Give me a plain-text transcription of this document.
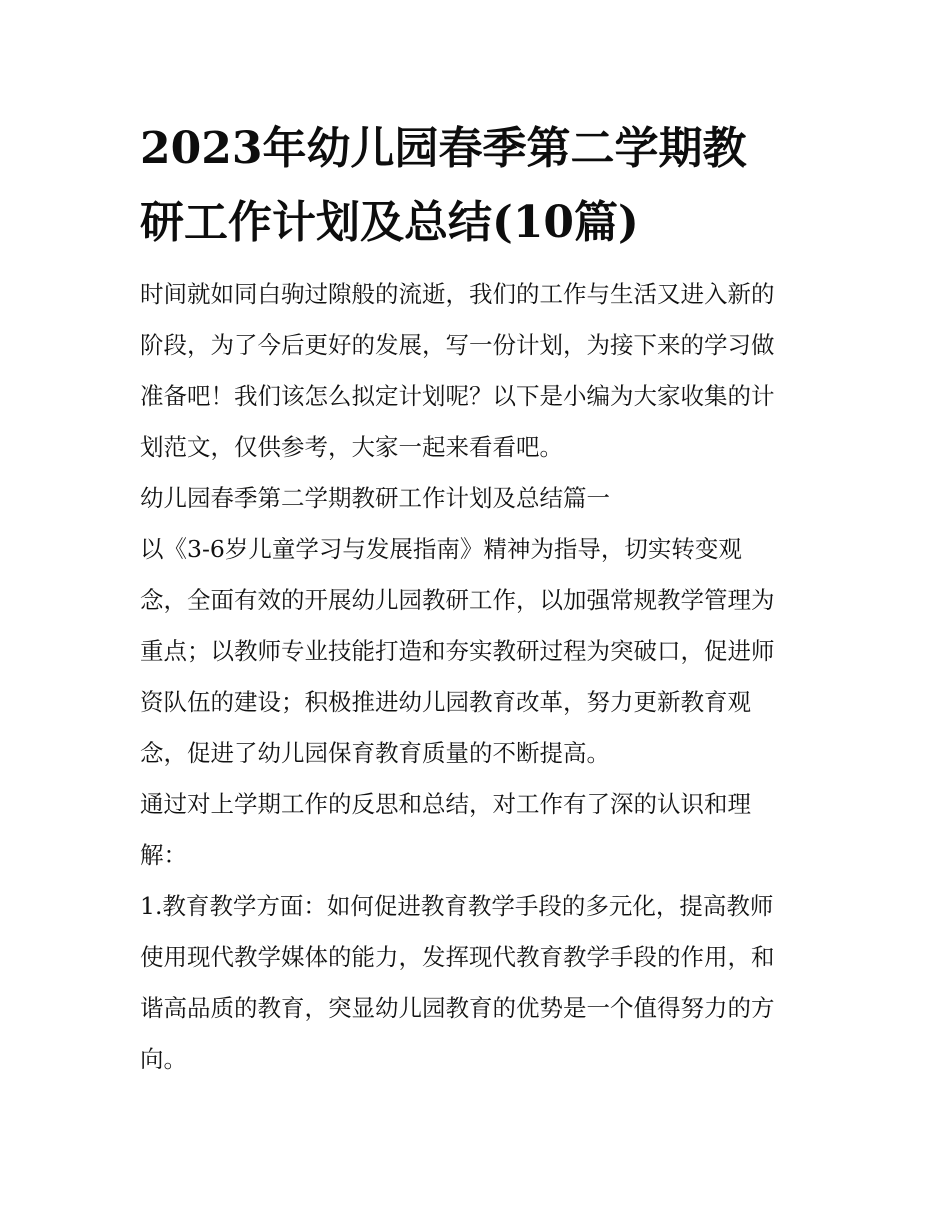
2023年幼儿园春季第二学期教
研工作计划及总结(10篇)

时间就如同白驹过隙般的流逝，我们的工作与生活又进入新的
阶段，为了今后更好的发展，写一份计划，为接下来的学习做
准备吧！我们该怎么拟定计划呢？以下是小编为大家收集的计
划范文，仅供参考，大家一起来看看吧。

幼儿园春季第二学期教研工作计划及总结篇一

以《3-6岁儿童学习与发展指南》精神为指导，切实转变观
念，全面有效的开展幼儿园教研工作，以加强常规教学管理为
重点；以教师专业技能打造和夯实教研过程为突破口，促进师
资队伍的建设；积极推进幼儿园教育改革，努力更新教育观
念，促进了幼儿园保育教育质量的不断提高。

通过对上学期工作的反思和总结，对工作有了深的认识和理
解：

1.教育教学方面：如何促进教育教学手段的多元化，提高教师
使用现代教学媒体的能力，发挥现代教育教学手段的作用，和
谐高品质的教育，突显幼儿园教育的优势是一个值得努力的方
向。
